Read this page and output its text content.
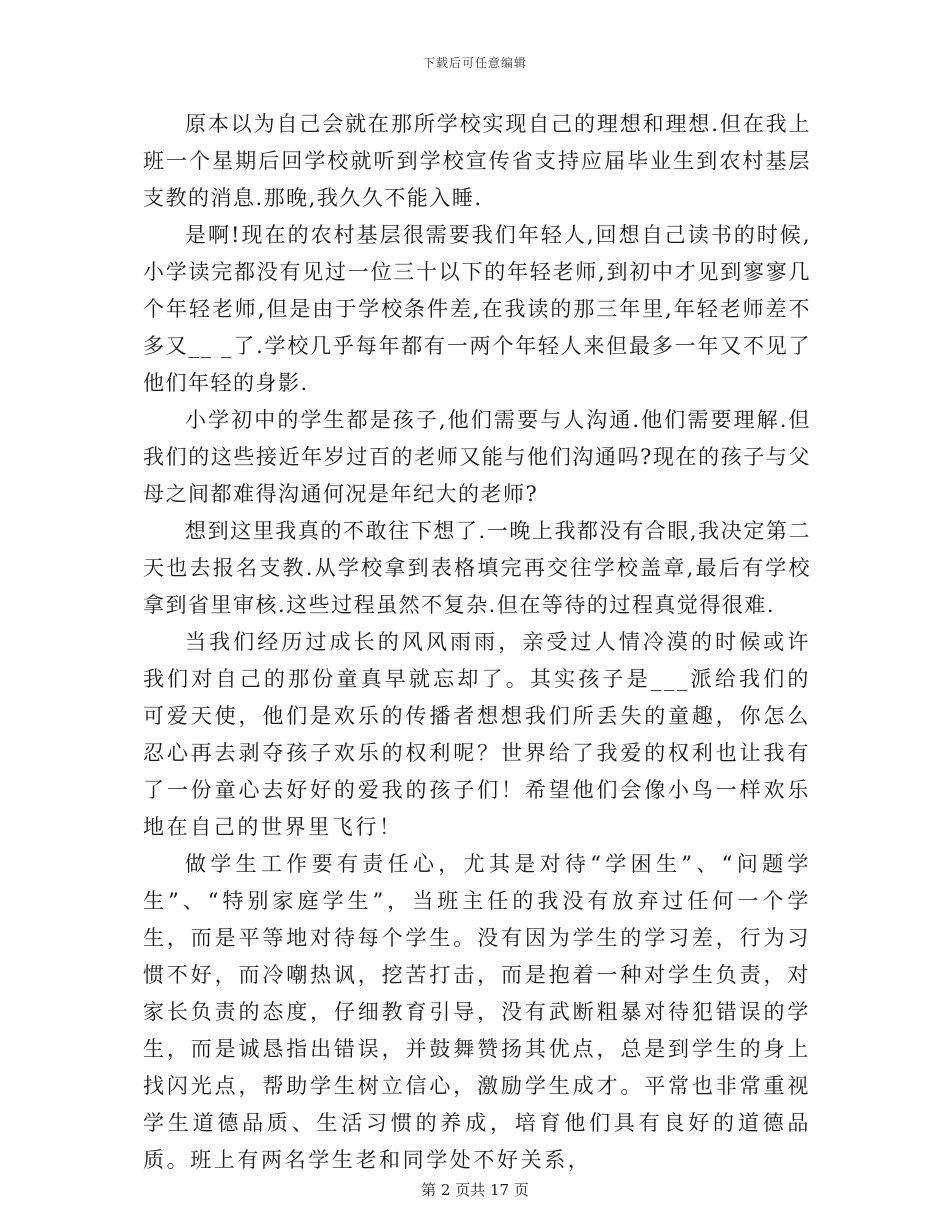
下载后可任意编辑

原本以为自己会就在那所学校实现自己的理想和理想.但在我上班一个星期后回学校就听到学校宣传省支持应届毕业生到农村基层支教的消息.那晚,我久久不能入睡.

是啊!现在的农村基层很需要我们年轻人,回想自己读书的时候,小学读完都没有见过一位三十以下的年轻老师,到初中才见到寥寥几个年轻老师,但是由于学校条件差,在我读的那三年里,年轻老师差不多又__ _了.学校几乎每年都有一两个年轻人来但最多一年又不见了他们年轻的身影.

小学初中的学生都是孩子,他们需要与人沟通.他们需要理解.但我们的这些接近年岁过百的老师又能与他们沟通吗?现在的孩子与父母之间都难得沟通何况是年纪大的老师?

想到这里我真的不敢往下想了.一晚上我都没有合眼,我决定第二天也去报名支教.从学校拿到表格填完再交往学校盖章,最后有学校拿到省里审核.这些过程虽然不复杂.但在等待的过程真觉得很难.

当我们经历过成长的风风雨雨，亲受过人情冷漠的时候或许我们对自己的那份童真早就忘却了。其实孩子是___派给我们的可爱天使，他们是欢乐的传播者想想我们所丢失的童趣，你怎么忍心再去剥夺孩子欢乐的权利呢？世界给了我爱的权利也让我有了一份童心去好好的爱我的孩子们！希望他们会像小鸟一样欢乐地在自己的世界里飞行！

做学生工作要有责任心，尤其是对待“学困生”、“问题学生”、“特别家庭学生”，当班主任的我没有放弃过任何一个学生，而是平等地对待每个学生。没有因为学生的学习差，行为习惯不好，而冷嘲热讽，挖苦打击，而是抱着一种对学生负责，对家长负责的态度，仔细教育引导，没有武断粗暴对待犯错误的学生，而是诚恳指出错误，并鼓舞赞扬其优点，总是到学生的身上找闪光点，帮助学生树立信心，激励学生成才。平常也非常重视学生道德品质、生活习惯的养成，培育他们具有良好的道德品质。班上有两名学生老和同学处不好关系，

第 2 页共 17 页
